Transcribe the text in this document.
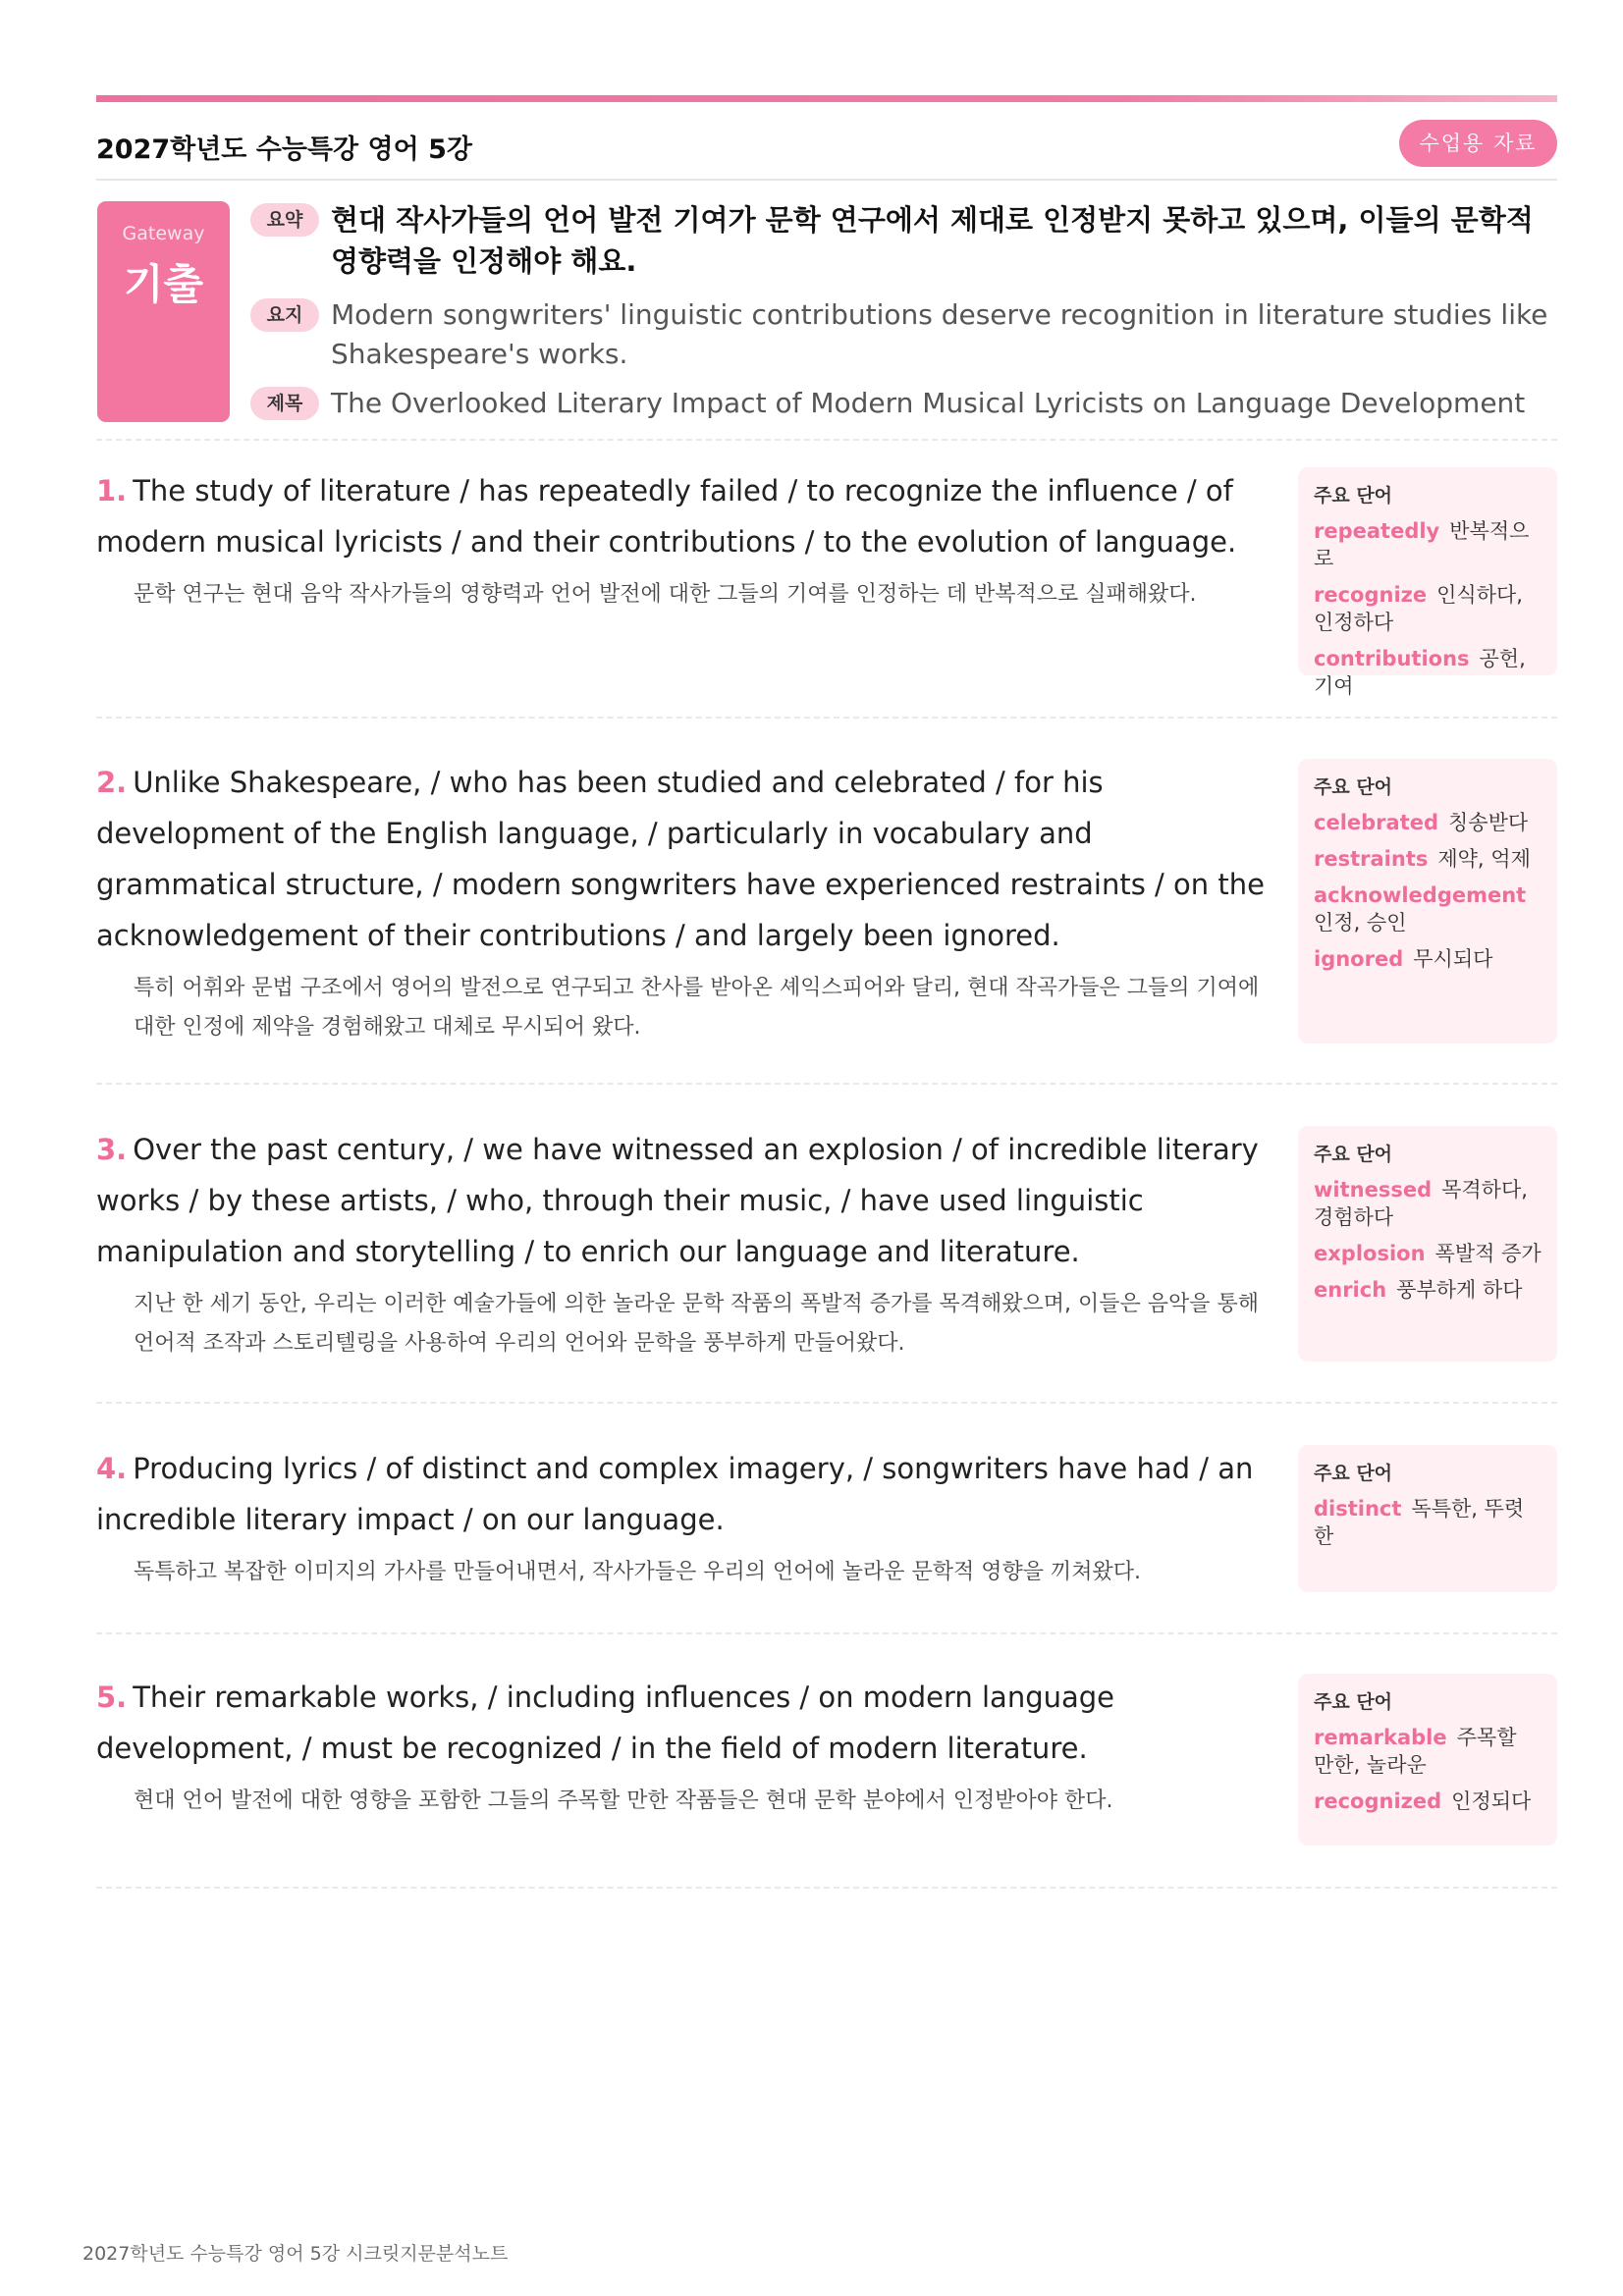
2027학년도 수능특강 영어 5강	수업용 자료
Gateway
기출
요약 현대 작사가들의 언어 발전 기여가 문학 연구에서 제대로 인정받지 못하고 있으며, 이들의 문학적 영향력을 인정해야 해요.
요지	Modern songwriters' linguistic contributions deserve recognition in literature studies like Shakespeare's works.
제목	The Overlooked Literary Impact of Modern Musical Lyricists on Language Development
1. The study of literature / has repeatedly failed / to recognize the influence / of modern musical lyricists / and their contributions / to the evolution of language.
문학 연구는 현대 음악 작사가들의 영향력과 언어 발전에 대한 그들의 기여를 인정하는 데 반복적으로 실패해왔다.
주요 단어
repeatedly 반복적으로
recognize 인식하다, 인정하다
contributions 공헌, 기여
2. Unlike Shakespeare, / who has been studied and celebrated / for his development of the English language, / particularly in vocabulary and grammatical structure, / modern songwriters have experienced restraints / on the acknowledgement of their contributions / and largely been ignored.
특히 어휘와 문법 구조에서 영어의 발전으로 연구되고 찬사를 받아온 셰익스피어와 달리, 현대 작곡가들은 그들의 기여에 대한 인정에 제약을 경험해왔고 대체로 무시되어 왔다.
주요 단어
celebrated 칭송받다
restraints 제약, 억제
acknowledgement인정, 승인
ignored 무시되다
3. Over the past century, / we have witnessed an explosion / of incredible literary works / by these artists, / who, through their music, / have used linguistic manipulation and storytelling / to enrich our language and literature.
지난 한 세기 동안, 우리는 이러한 예술가들에 의한 놀라운 문학 작품의 폭발적 증가를 목격해왔으며, 이들은 음악을 통해 언어적 조작과 스토리텔링을 사용하여 우리의 언어와 문학을 풍부하게 만들어왔다.
주요 단어
witnessed 목격하다, 경험하다
explosion 폭발적 증가
enrich 풍부하게 하다
4. Producing lyrics / of distinct and complex imagery, / songwriters have had / an incredible literary impact / on our language.
독특하고 복잡한 이미지의 가사를 만들어내면서, 작사가들은 우리의 언어에 놀라운 문학적 영향을 끼쳐왔다.
주요 단어
distinct 독특한, 뚜렷한
5. Their remarkable works, / including influences / on modern language development, / must be recognized / in the field of modern literature.
현대 언어 발전에 대한 영향을 포함한 그들의 주목할 만한 작품들은 현대 문학 분야에서 인정받아야 한다.
주요 단어
remarkable 주목할 만한, 놀라운
recognized 인정되다
2027학년도 수능특강 영어 5강 시크릿지문분석노트
